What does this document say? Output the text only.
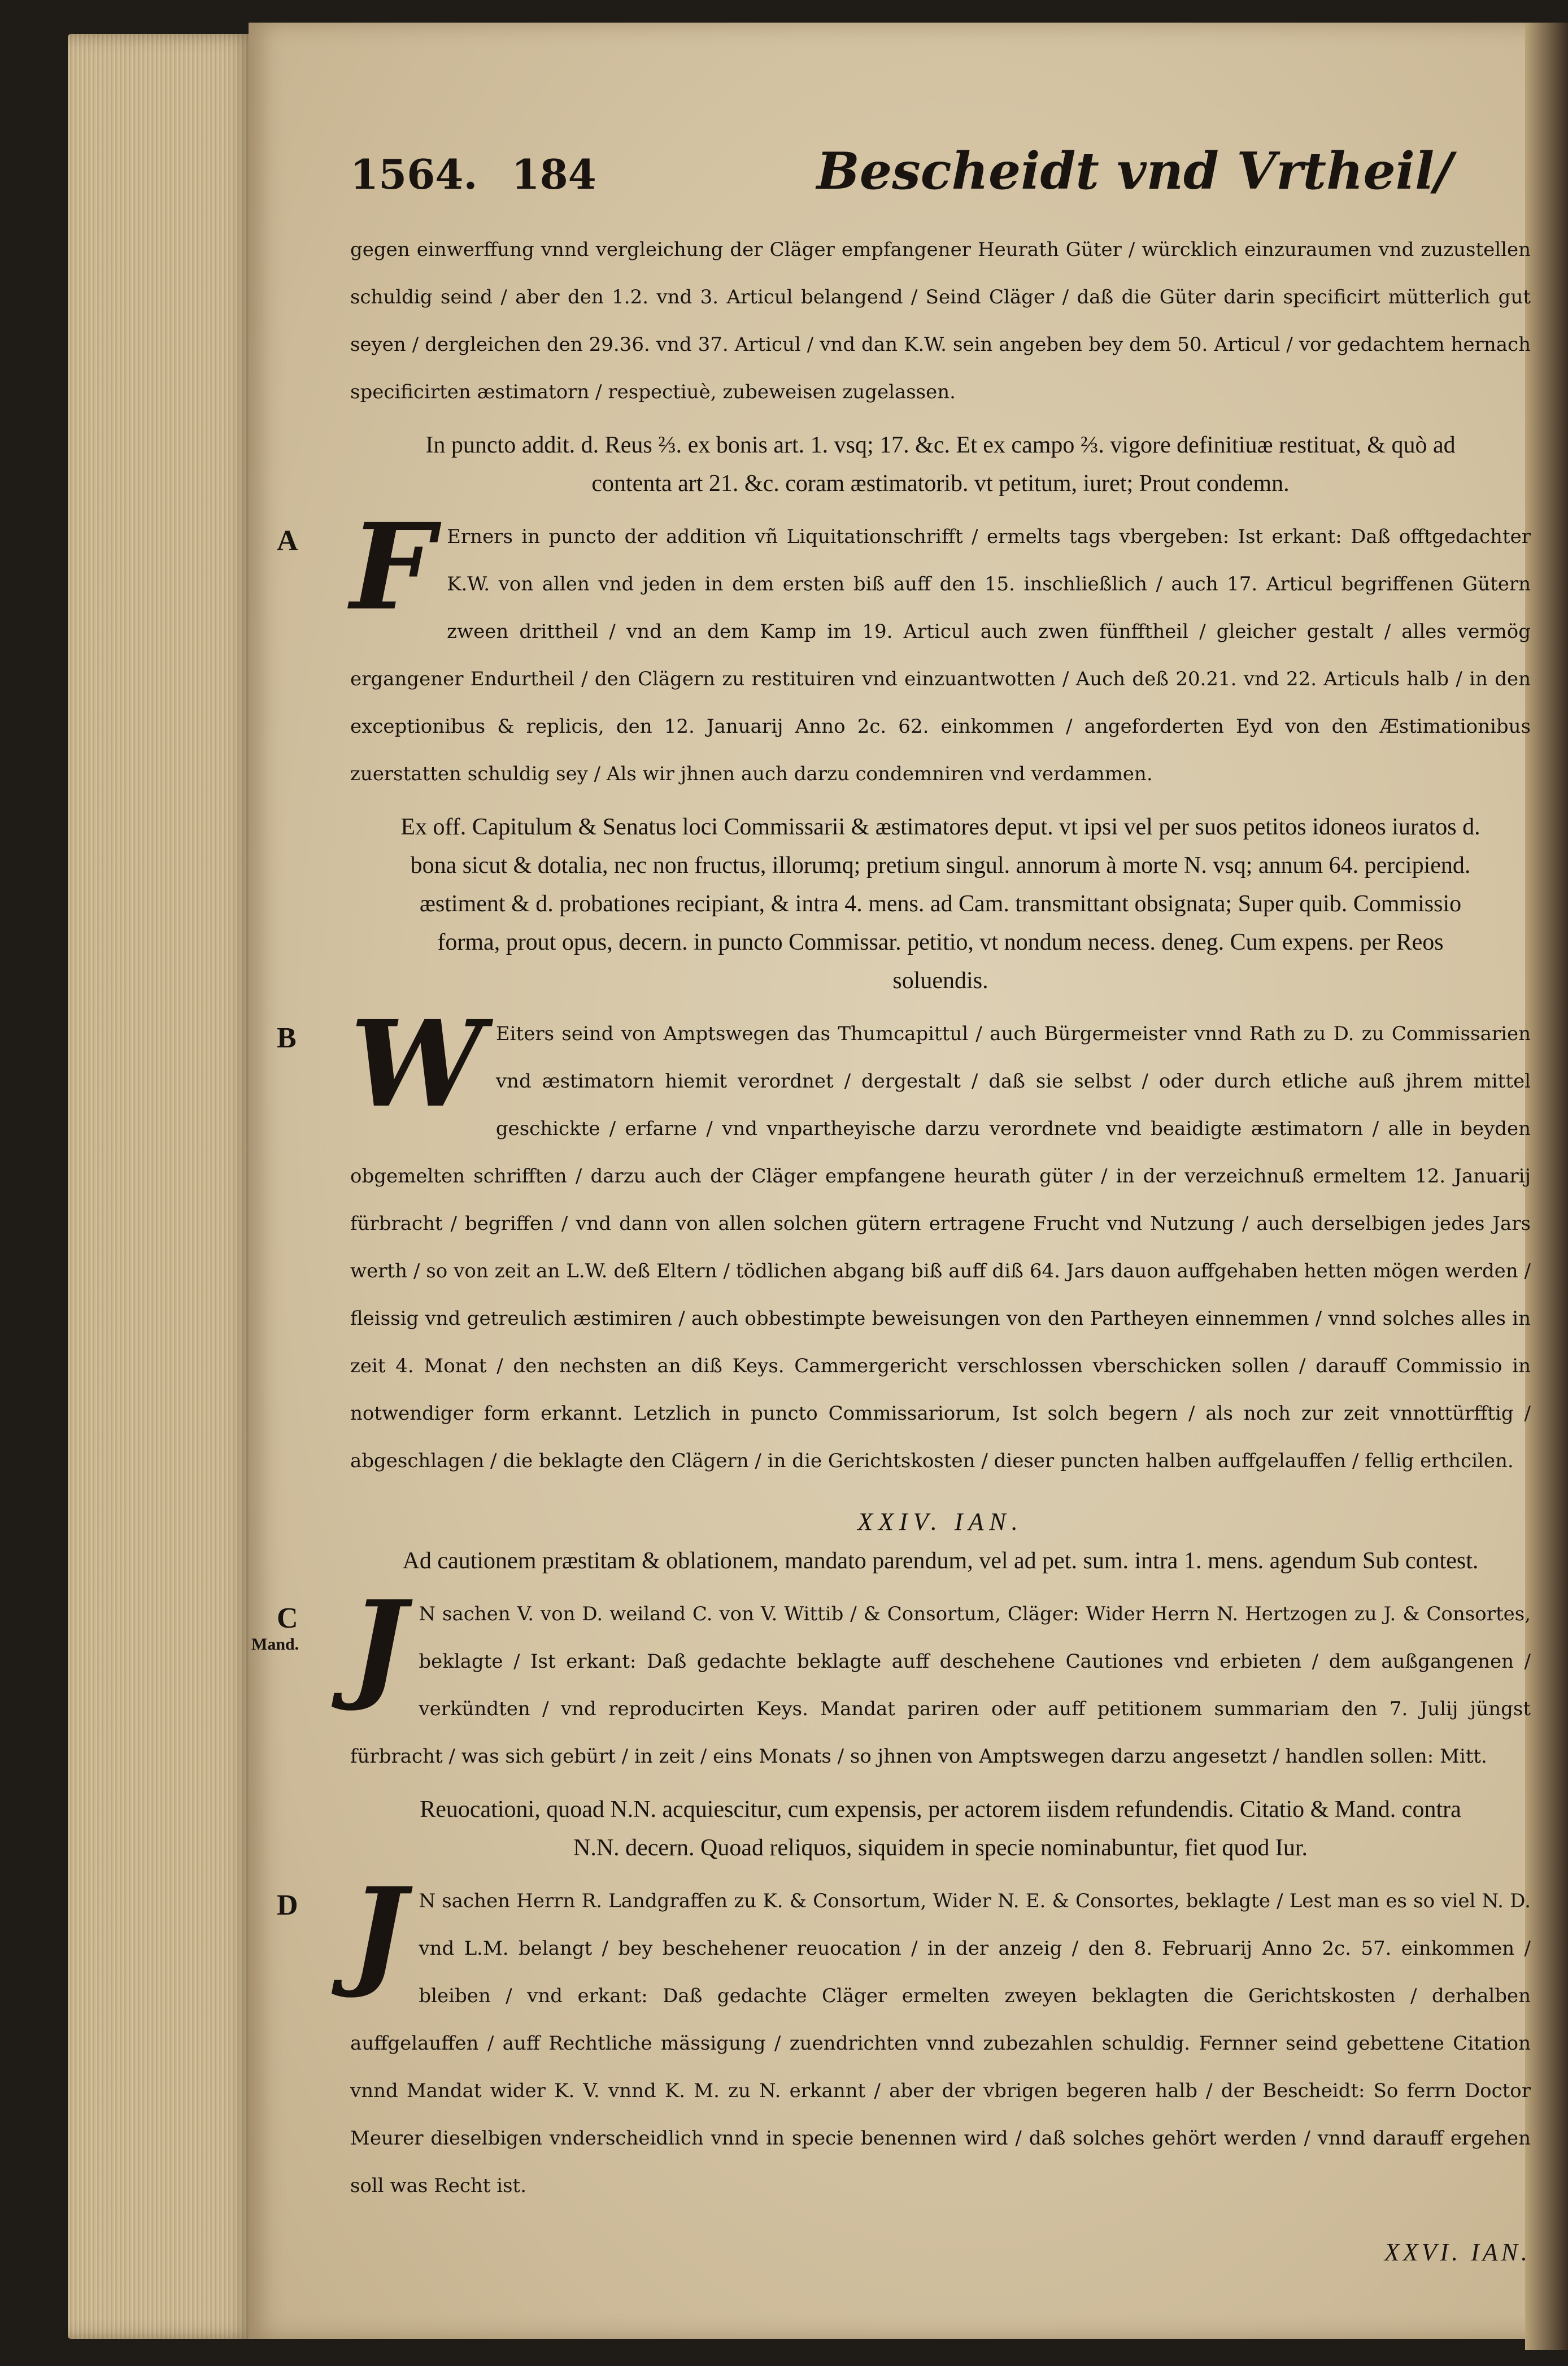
1564. 184	Bescheidt vnd Vrtheil/

gegen einwerffung vnnd vergleichung der Cläger empfangener Heurath Güter / würcklich einzuraumen vnd zuzustellen schuldig seind / aber den 1.2. vnd 3. Articul belangend / Seind Cläger / daß die Güter darin specificirt mütterlich gut seyen / dergleichen den 29.36. vnd 37. Articul / vnd dan K.W. sein angeben bey dem 50. Articul / vor gedachtem hernach specificirten æstimatorn / respectiuè, zubeweisen zugelassen.

In puncto addit. d. Reus ⅔. ex bonis art. 1. vsq; 17. &c. Et ex campo ⅔. vigore definitiuæ restituat, & quò ad contenta art 21. &c. coram æstimatorib. vt petitum, iuret; Prout condemn.

A F Erners in puncto der addition vñ Liquitationschrifft / ermelts tags vbergeben: Ist erkant: Daß offtgedachter K.W. von allen vnd jeden in dem ersten biß auff den 15. inschließlich / auch 17. Articul begriffenen Gütern zween drittheil / vnd an dem Kamp im 19. Articul auch zwen fünfftheil / gleicher gestalt / alles vermög ergangener Endurtheil / den Clägern zu restituiren vnd einzuantwotten / Auch deß 20.21. vnd 22. Articuls halb / in den exceptionibus & replicis, den 12. Januarij Anno 2c. 62. einkommen / angeforderten Eyd von den Æstimationibus zuerstatten schuldig sey / Als wir jhnen auch darzu condemniren vnd verdammen.

Ex off. Capitulum & Senatus loci Commissarii & æstimatores deput. vt ipsi vel per suos petitos idoneos iuratos d. bona sicut & dotalia, nec non fructus, illorumq; pretium singul. annorum à morte N. vsq; annum 64. percipiend. æstiment & d. probationes recipiant, & intra 4. mens. ad Cam. transmittant obsignata; Super quib. Commissio forma, prout opus, decern. in puncto Commissar. petitio, vt nondum necess. deneg. Cum expens. per Reos soluendis.

B W Eiters seind von Amptswegen das Thumcapittul / auch Bürgermeister vnnd Rath zu D. zu Commissarien vnd æstimatorn hiemit verordnet / dergestalt / daß sie selbst / oder durch etliche auß jhrem mittel geschickte / erfarne / vnd vnpartheyische darzu verordnete vnd beaidigte æstimatorn / alle in beyden obgemelten schrifften / darzu auch der Cläger empfangene heurath güter / in der verzeichnuß ermeltem 12. Januarij fürbracht / begriffen / vnd dann von allen solchen gütern ertragene Frucht vnd Nutzung / auch derselbigen jedes Jars werth / so von zeit an L.W. deß Eltern / tödlichen abgang biß auff diß 64. Jars dauon auffgehaben hetten mögen werden / fleissig vnd getreulich æstimiren / auch obbestimpte beweisungen von den Partheyen einnemmen / vnnd solches alles in zeit 4. Monat / den nechsten an diß Keys. Cammergericht verschlossen vberschicken sollen / darauff Commissio in notwendiger form erkannt. Letzlich in puncto Commissariorum, Ist solch begern / als noch zur zeit vnnottürfftig / abgeschlagen / die beklagte den Clägern / in die Gerichtskosten / dieser puncten halben auffgelauffen / fellig erthcilen.

XXIV. IAN.

Ad cautionem præstitam & oblationem, mandato parendum, vel ad pet. sum. intra 1. mens. agendum Sub contest.

C
Mand. J N sachen V. von D. weiland C. von V. Wittib / & Consortum, Cläger: Wider Herrn N. Hertzogen zu J. & Consortes, beklagte / Ist erkant: Daß gedachte beklagte auff deschehene Cautiones vnd erbieten / dem außgangenen / verkündten / vnd reproducirten Keys. Mandat pariren oder auff petitionem summariam den 7. Julij jüngst fürbracht / was sich gebürt / in zeit / eins Monats / so jhnen von Amptswegen darzu angesetzt / handlen sollen: Mitt.

Reuocationi, quoad N.N. acquiescitur, cum expensis, per actorem iisdem refundendis. Citatio & Mand. contra N.N. decern. Quoad reliquos, siquidem in specie nominabuntur, fiet quod Iur.

D J N sachen Herrn R. Landgraffen zu K. & Consortum, Wider N. E. & Consortes, beklagte / Lest man es so viel N. D. vnd L.M. belangt / bey beschehener reuocation / in der anzeig / den 8. Februarij Anno 2c. 57. einkommen / bleiben / vnd erkant: Daß gedachte Cläger ermelten zweyen beklagten die Gerichtskosten / derhalben auffgelauffen / auff Rechtliche mässigung / zuendrichten vnnd zubezahlen schuldig. Fernner seind gebettene Citation vnnd Mandat wider K. V. vnnd K. M. zu N. erkannt / aber der vbrigen begeren halb / der Bescheidt: So ferrn Doctor Meurer dieselbigen vnderscheidlich vnnd in specie benennen wird / daß solches gehört werden / vnnd darauff ergehen soll was Recht ist.

XXVI. IAN.
